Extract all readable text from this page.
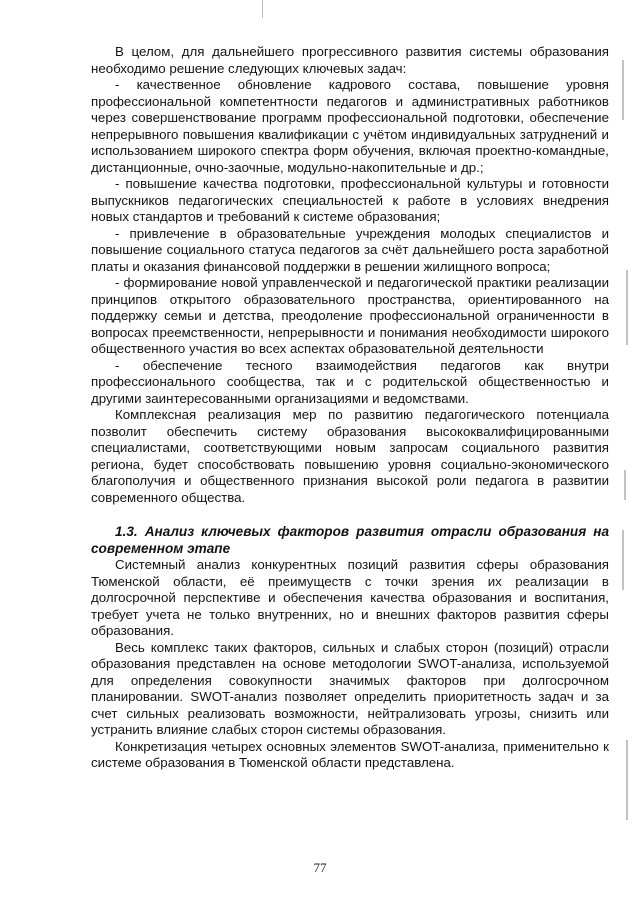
В целом, для дальнейшего прогрессивного развития системы образования необходимо решение следующих ключевых задач:

- качественное обновление кадрового состава, повышение уровня профессиональной компетентности педагогов и административных работников через совершенствование программ профессиональной подготовки, обеспечение непрерывного повышения квалификации с учётом индивидуальных затруднений и использованием широкого спектра форм обучения, включая проектно-командные, дистанционные, очно-заочные, модульно-накопительные и др.;

- повышение качества подготовки, профессиональной культуры и готовности выпускников педагогических специальностей к работе в условиях внедрения новых стандартов и требований к системе образования;

- привлечение в образовательные учреждения молодых специалистов и повышение социального статуса педагогов за счёт дальнейшего роста заработной платы и оказания финансовой поддержки в решении жилищного вопроса;

- формирование новой управленческой и педагогической практики реализации принципов открытого образовательного пространства, ориентированного на поддержку семьи и детства, преодоление профессиональной ограниченности в вопросах преемственности, непрерывности и понимания необходимости широкого общественного участия во всех аспектах образовательной деятельности

- обеспечение тесного взаимодействия педагогов как внутри профессионального сообщества, так и с родительской общественностью и другими заинтересованными организациями и ведомствами.

Комплексная реализация мер по развитию педагогического потенциала позволит обеспечить систему образования высококвалифицированными специалистами, соответствующими новым запросам социального развития региона, будет способствовать повышению уровня социально-экономического благополучия и общественного признания высокой роли педагога в развитии современного общества.

1.3. Анализ ключевых факторов развития отрасли образования на современном этапе

Системный анализ конкурентных позиций развития сферы образования Тюменской области, её преимуществ с точки зрения их реализации в долгосрочной перспективе и обеспечения качества образования и воспитания, требует учета не только внутренних, но и внешних факторов развития сферы образования.

Весь комплекс таких факторов, сильных и слабых сторон (позиций) отрасли образования представлен на основе методологии SWOT-анализа, используемой для определения совокупности значимых факторов при долгосрочном планировании. SWOT-анализ позволяет определить приоритетность задач и за счет сильных реализовать возможности, нейтрализовать угрозы, снизить или устранить влияние слабых сторон системы образования.

Конкретизация четырех основных элементов SWOT-анализа, применительно к системе образования в Тюменской области представлена.

77
